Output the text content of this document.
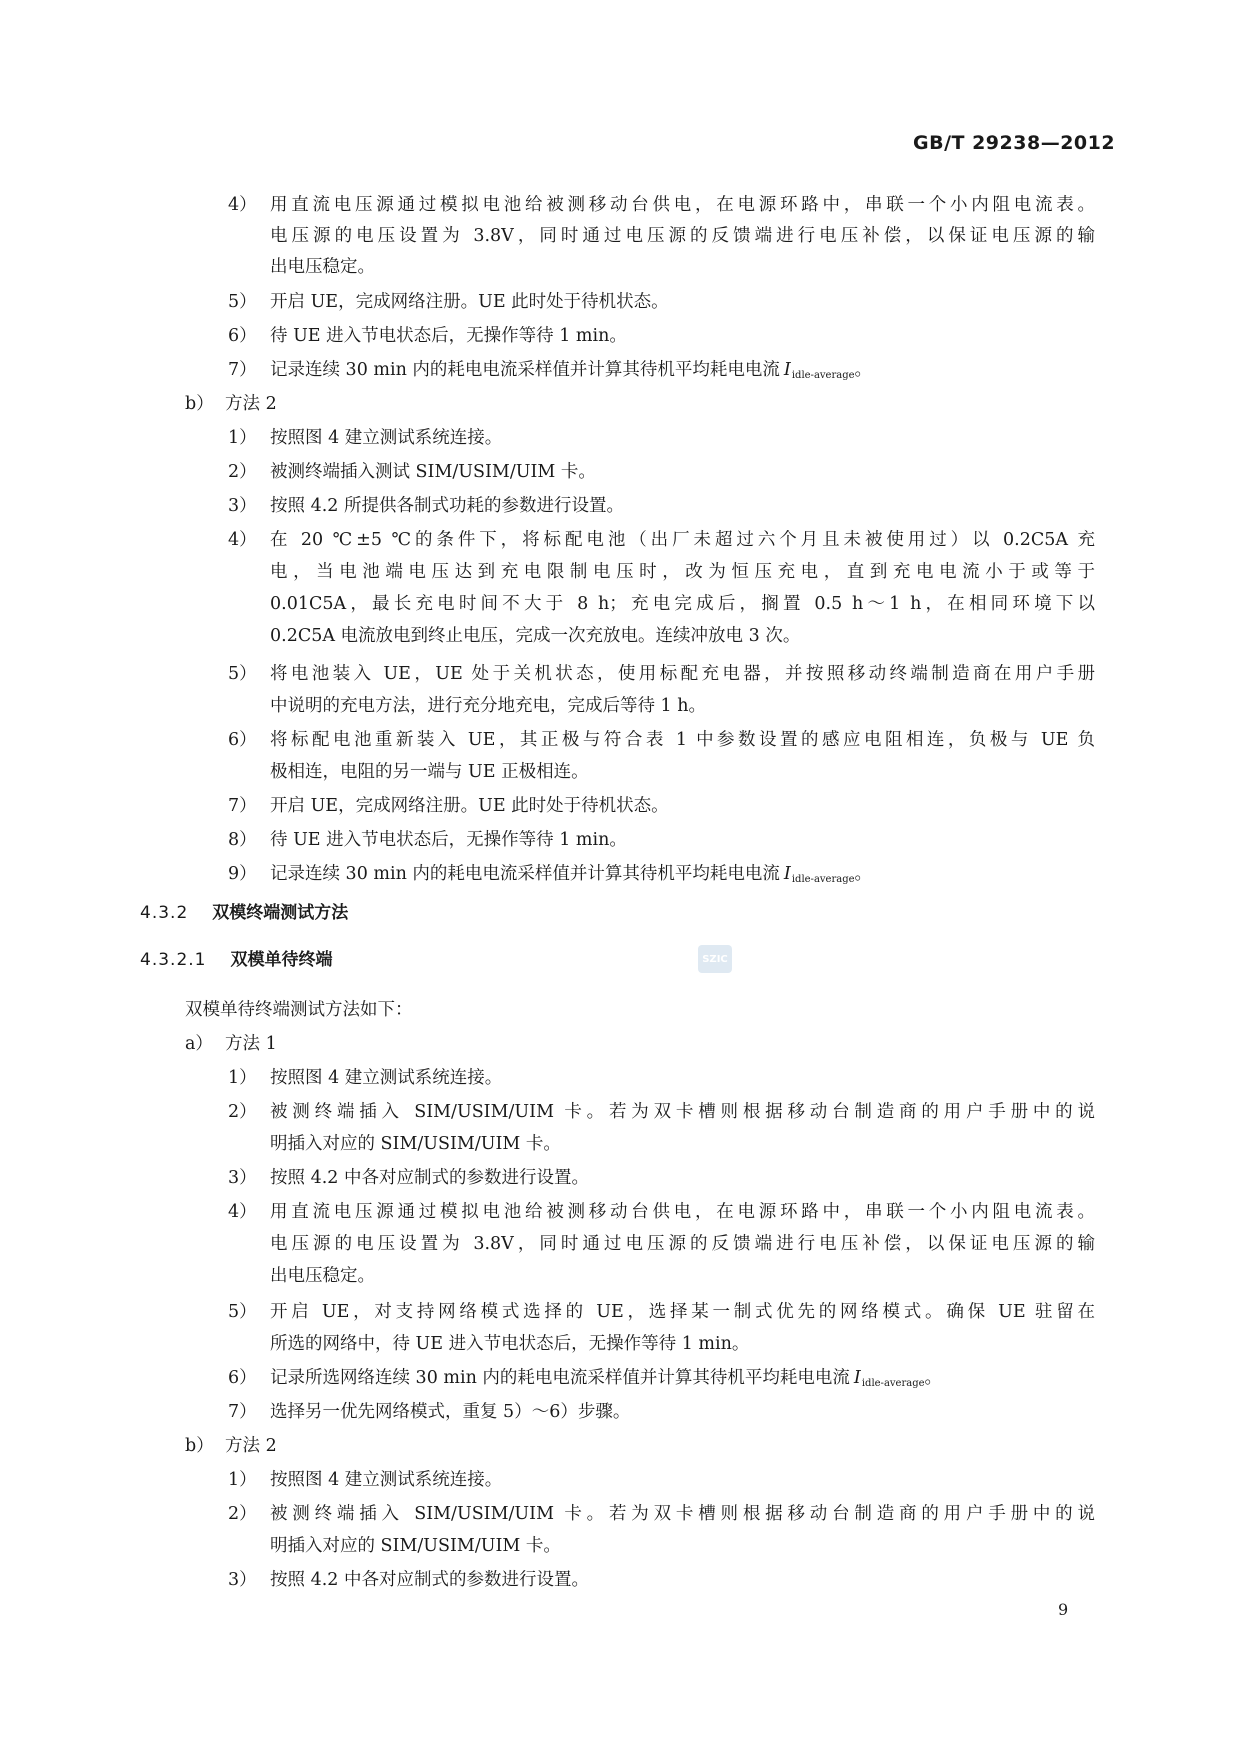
GB/T 29238—2012
4） 用直流电压源通过模拟电池给被测移动台供电，在电源环路中，串联一个小内阻电流表。
电压源的电压设置为 3.8V，同时通过电压源的反馈端进行电压补偿，以保证电压源的输
出电压稳定。
5） 开启 UE，完成网络注册。UE 此时处于待机状态。
6） 待 UE 进入节电状态后，无操作等待 1 min。
7） 记录连续 30 min 内的耗电电流采样值并计算其待机平均耗电电流 $I_{idle-average}$。
b） 方法 2
1） 按照图 4 建立测试系统连接。
2） 被测终端插入测试 SIM/USIM/UIM 卡。
3） 按照 4.2 所提供各制式功耗的参数进行设置。
4） 在 20 ℃±5 ℃的条件下，将标配电池（出厂未超过六个月且未被使用过）以 0.2C5A 充
电，当电池端电压达到充电限制电压时，改为恒压充电，直到充电电流小于或等于
0.01C5A，最长充电时间不大于 8 h；充电完成后，搁置 0.5 h～1 h，在相同环境下以
0.2C5A 电流放电到终止电压，完成一次充放电。连续冲放电 3 次。
5） 将电池装入 UE，UE 处于关机状态，使用标配充电器，并按照移动终端制造商在用户手册
中说明的充电方法，进行充分地充电，完成后等待 1 h。
6） 将标配电池重新装入 UE，其正极与符合表 1 中参数设置的感应电阻相连，负极与 UE 负
极相连，电阻的另一端与 UE 正极相连。
7） 开启 UE，完成网络注册。UE 此时处于待机状态。
8） 待 UE 进入节电状态后，无操作等待 1 min。
9） 记录连续 30 min 内的耗电电流采样值并计算其待机平均耗电电流 $I_{idle-average}$。
4.3.2 双模终端测试方法
4.3.2.1 双模单待终端	SZIC
双模单待终端测试方法如下：
a） 方法 1
1） 按照图 4 建立测试系统连接。
2） 被测终端插入 SIM/USIM/UIM 卡。若为双卡槽则根据移动台制造商的用户手册中的说
明插入对应的 SIM/USIM/UIM 卡。
3） 按照 4.2 中各对应制式的参数进行设置。
4） 用直流电压源通过模拟电池给被测移动台供电，在电源环路中，串联一个小内阻电流表。
电压源的电压设置为 3.8V，同时通过电压源的反馈端进行电压补偿，以保证电压源的输
出电压稳定。
5） 开启 UE，对支持网络模式选择的 UE，选择某一制式优先的网络模式。确保 UE 驻留在
所选的网络中，待 UE 进入节电状态后，无操作等待 1 min。
6） 记录所选网络连续 30 min 内的耗电电流采样值并计算其待机平均耗电电流 $I_{idle-average}$。
7） 选择另一优先网络模式，重复 5）～6）步骤。
b） 方法 2
1） 按照图 4 建立测试系统连接。
2） 被测终端插入 SIM/USIM/UIM 卡。若为双卡槽则根据移动台制造商的用户手册中的说
明插入对应的 SIM/USIM/UIM 卡。
3） 按照 4.2 中各对应制式的参数进行设置。
9
